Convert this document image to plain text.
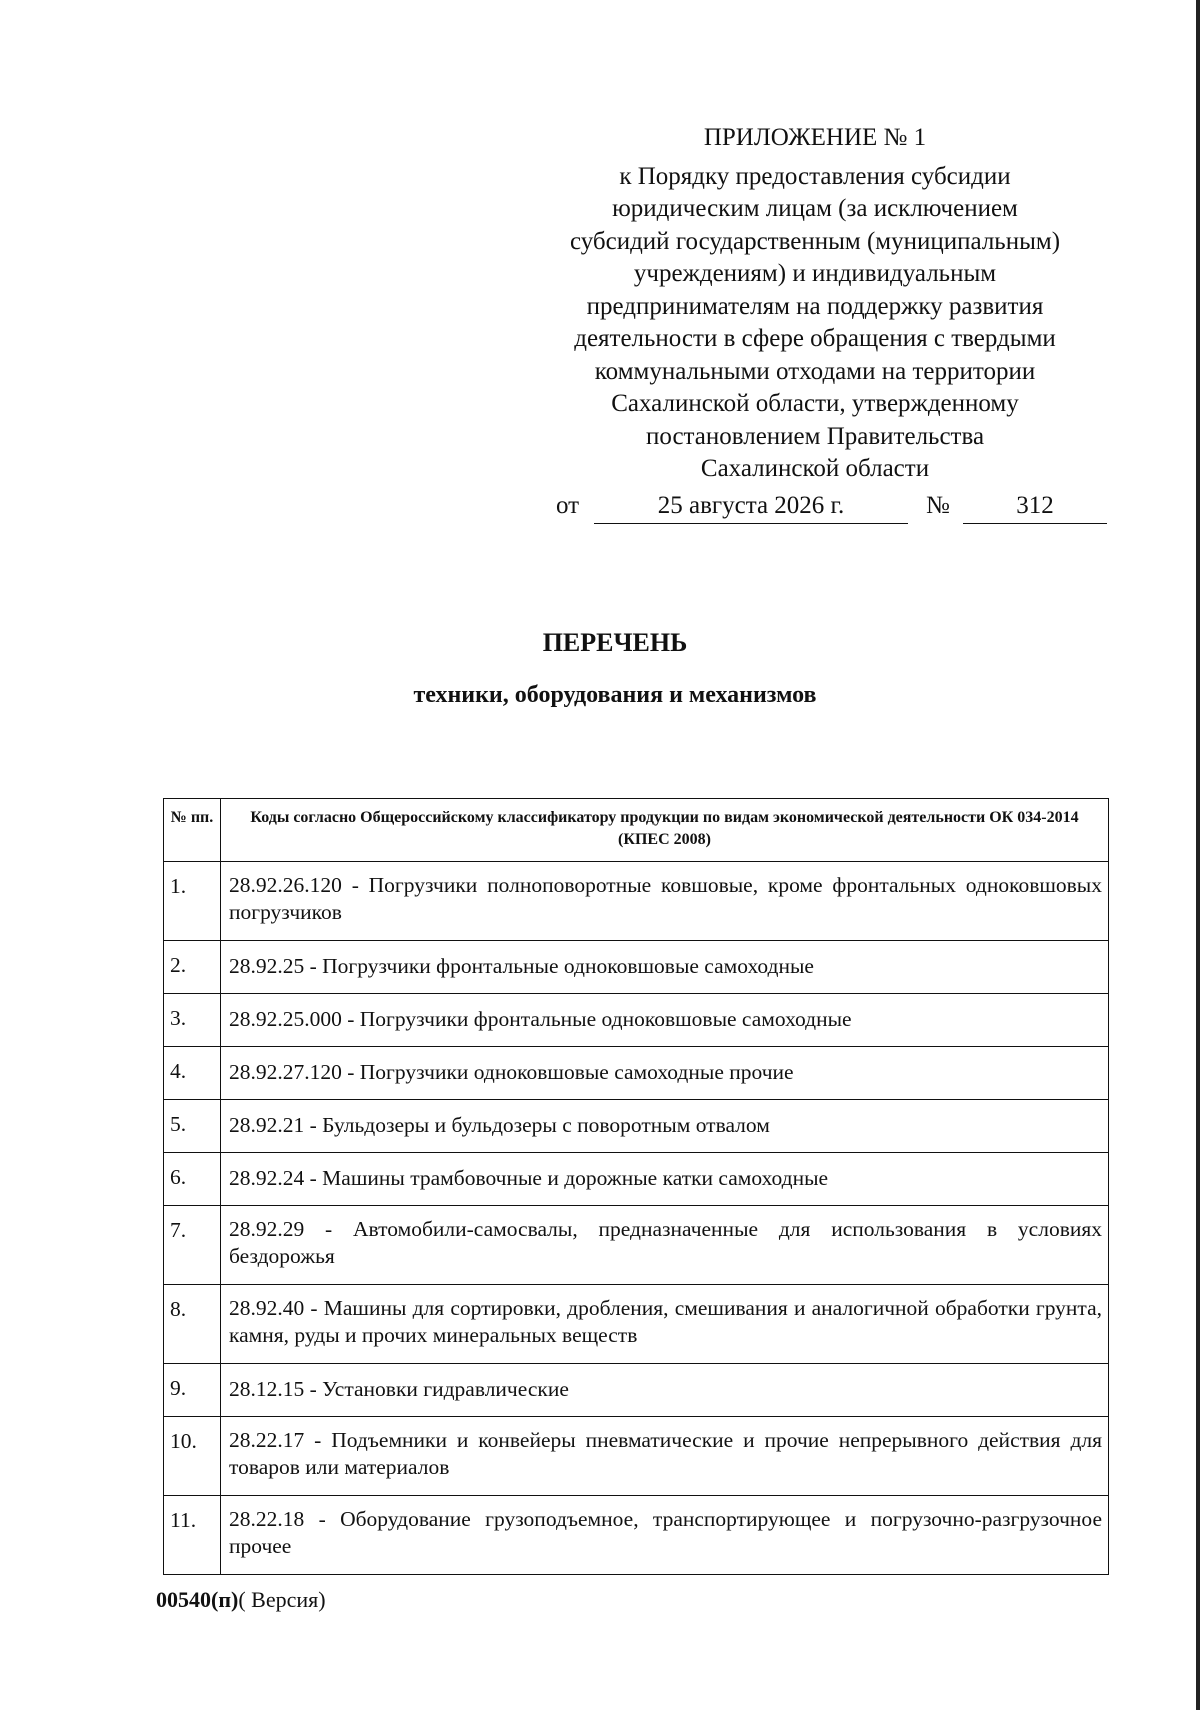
ПРИЛОЖЕНИЕ № 1
к Порядку предоставления субсидии
юридическим лицам (за исключением
субсидий государственным (муниципальным)
учреждениям) и индивидуальным
предпринимателям на поддержку развития
деятельности в сфере обращения с твердыми
коммунальными отходами на территории
Сахалинской области, утвержденному
постановлением Правительства
Сахалинской области
от	25 августа 2026 г.	№	312
ПЕРЕЧЕНЬ
техники, оборудования и механизмов
№ пп.	Коды согласно Общероссийскому классификатору продукции по видам экономической деятельности ОК 034-2014 (КПЕС 2008)
1.	28.92.26.120 - Погрузчики полноповоротные ковшовые, кроме фронтальных одноковшовых погрузчиков
2.	28.92.25 - Погрузчики фронтальные одноковшовые самоходные
3.	28.92.25.000 - Погрузчики фронтальные одноковшовые самоходные
4.	28.92.27.120 - Погрузчики одноковшовые самоходные прочие
5.	28.92.21 - Бульдозеры и бульдозеры с поворотным отвалом
6.	28.92.24 - Машины трамбовочные и дорожные катки самоходные
7.	28.92.29 - Автомобили-самосвалы, предназначенные для использования в условиях бездорожья
8.	28.92.40 - Машины для сортировки, дробления, смешивания и аналогичной обработки грунта, камня, руды и прочих минеральных веществ
9.	28.12.15 - Установки гидравлические
10.	28.22.17 - Подъемники и конвейеры пневматические и прочие непрерывного действия для товаров или материалов
11.	28.22.18 - Оборудование грузоподъемное, транспортирующее и погрузочно-разгрузочное прочее
00540(п)( Версия)
